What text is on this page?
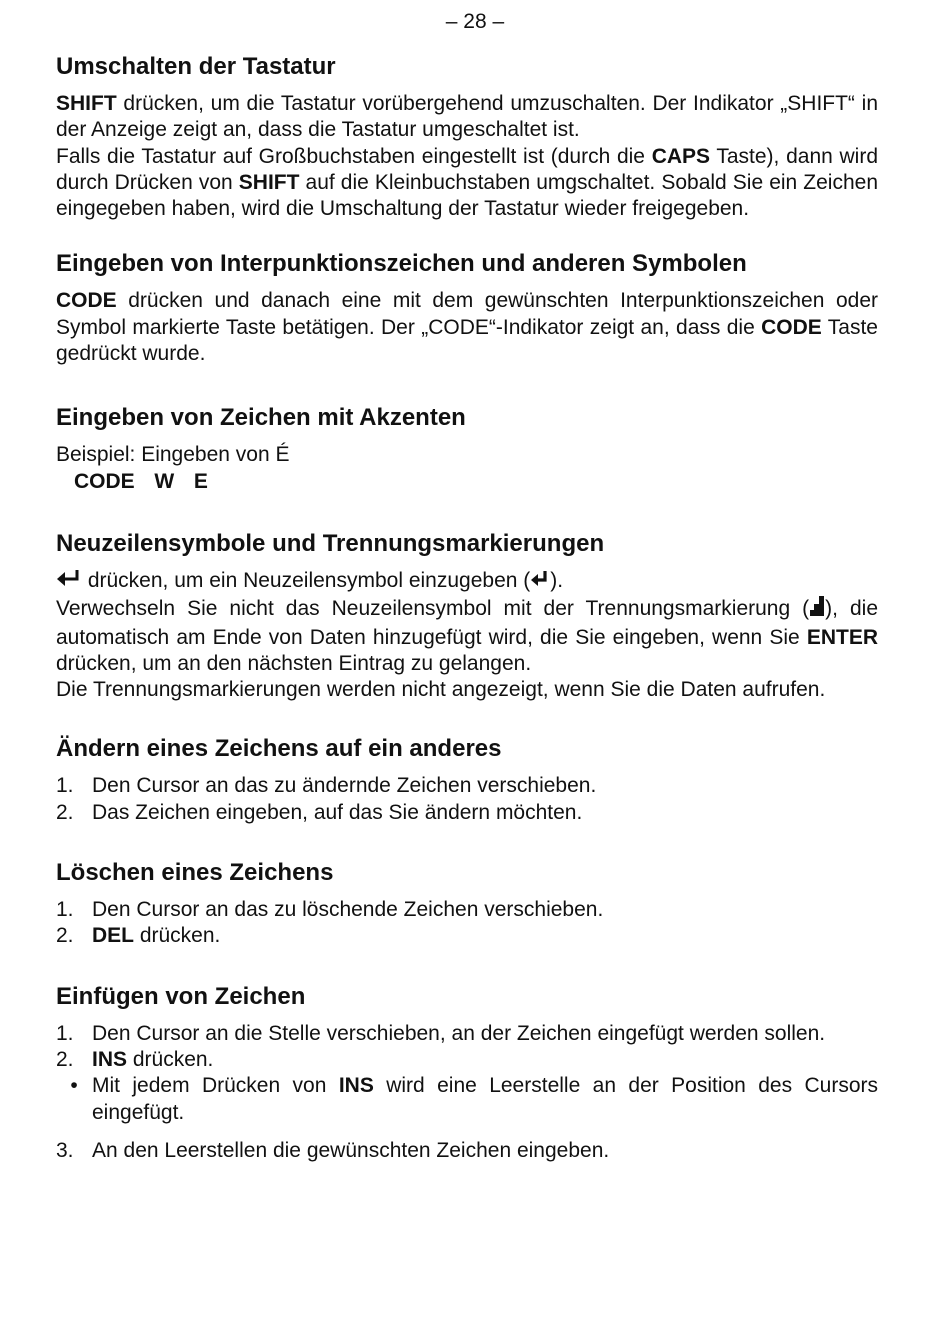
– 28 –
Umschalten der Tastatur

SHIFT drücken, um die Tastatur vorübergehend umzuschalten. Der Indikator „SHIFT“ in der Anzeige zeigt an, dass die Tastatur umgeschaltet ist.

Falls die Tastatur auf Großbuchstaben eingestellt ist (durch die CAPS Taste), dann wird durch Drücken von SHIFT auf die Kleinbuchstaben umgschaltet. Sobald Sie ein Zeichen eingegeben haben, wird die Umschaltung der Tastatur wieder freigegeben.

Eingeben von Interpunktionszeichen und anderen Symbolen

CODE drücken und danach eine mit dem gewünschten Interpunktionszeichen oder Symbol markierte Taste betätigen. Der „CODE“-Indikator zeigt an, dass die CODE Taste gedrückt wurde.

Eingeben von Zeichen mit Akzenten

Beispiel: Eingeben von É

CODE  W  E

Neuzeilensymbole und Trennungsmarkierungen

drücken, um ein Neuzeilensymbol einzugeben ( ).

Verwechseln Sie nicht das Neuzeilensymbol mit der Trennungsmarkierung ( ), die automatisch am Ende von Daten hinzugefügt wird, die Sie eingeben, wenn Sie ENTER drücken, um an den nächsten Eintrag zu gelangen.

Die Trennungsmarkierungen werden nicht angezeigt, wenn Sie die Daten aufrufen.

Ändern eines Zeichens auf ein anderes
1. Den Cursor an das zu ändernde Zeichen verschieben.
2. Das Zeichen eingeben, auf das Sie ändern möchten.
Löschen eines Zeichens
1. Den Cursor an das zu löschende Zeichen verschieben.
2. DEL drücken.
Einfügen von Zeichen
1. Den Cursor an die Stelle verschieben, an der Zeichen eingefügt werden sollen.
2. INS drücken.
• Mit jedem Drücken von INS wird eine Leerstelle an der Position des Cursors eingefügt.
3. An den Leerstellen die gewünschten Zeichen eingeben.
